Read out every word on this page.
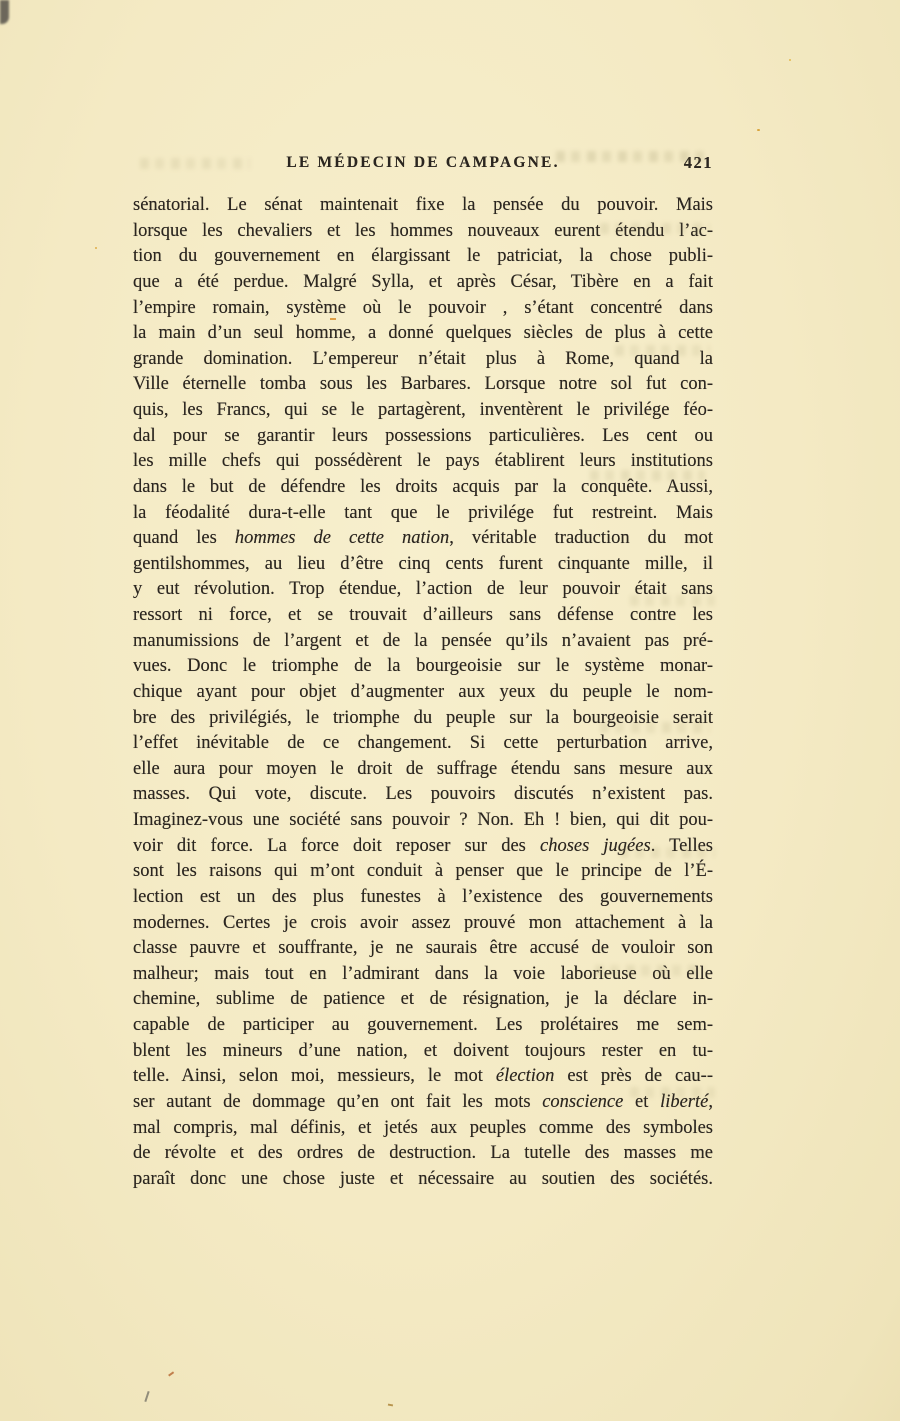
LE MÉDECIN DE CAMPAGNE.	421
sénatorial. Le sénat maintenait fixe la pensée du pouvoir. Mais
lorsque les chevaliers et les hommes nouveaux eurent étendu l’ac-
tion du gouvernement en élargissant le patriciat, la chose publi-
que a été perdue. Malgré Sylla, et après César, Tibère en a fait
l’empire romain, système où le pouvoir , s’étant concentré dans
la main d’un seul homme, a donné quelques siècles de plus à cette
grande domination. L’empereur n’était plus à Rome, quand la
Ville éternelle tomba sous les Barbares. Lorsque notre sol fut con-
quis, les Francs, qui se le partagèrent, inventèrent le privilége féo-
dal pour se garantir leurs possessions particulières. Les cent ou
les mille chefs qui possédèrent le pays établirent leurs institutions
dans le but de défendre les droits acquis par la conquête. Aussi,
la féodalité dura-t-elle tant que le privilége fut restreint. Mais
quand les hommes de cette nation, véritable traduction du mot
gentilshommes, au lieu d’être cinq cents furent cinquante mille, il
y eut révolution. Trop étendue, l’action de leur pouvoir était sans
ressort ni force, et se trouvait d’ailleurs sans défense contre les
manumissions de l’argent et de la pensée qu’ils n’avaient pas pré-
vues. Donc le triomphe de la bourgeoisie sur le système monar-
chique ayant pour objet d’augmenter aux yeux du peuple le nom-
bre des privilégiés, le triomphe du peuple sur la bourgeoisie serait
l’effet inévitable de ce changement. Si cette perturbation arrive,
elle aura pour moyen le droit de suffrage étendu sans mesure aux
masses. Qui vote, discute. Les pouvoirs discutés n’existent pas.
Imaginez-vous une société sans pouvoir ? Non. Eh ! bien, qui dit pou-
voir dit force. La force doit reposer sur des choses jugées. Telles
sont les raisons qui m’ont conduit à penser que le principe de l’É-
lection est un des plus funestes à l’existence des gouvernements
modernes. Certes je crois avoir assez prouvé mon attachement à la
classe pauvre et souffrante, je ne saurais être accusé de vouloir son
malheur; mais tout en l’admirant dans la voie laborieuse où elle
chemine, sublime de patience et de résignation, je la déclare in-
capable de participer au gouvernement. Les prolétaires me sem-
blent les mineurs d’une nation, et doivent toujours rester en tu-
telle. Ainsi, selon moi, messieurs, le mot élection est près de cau--
ser autant de dommage qu’en ont fait les mots conscience et liberté,
mal compris, mal définis, et jetés aux peuples comme des symboles
de révolte et des ordres de destruction. La tutelle des masses me
paraît donc une chose juste et nécessaire au soutien des sociétés.
